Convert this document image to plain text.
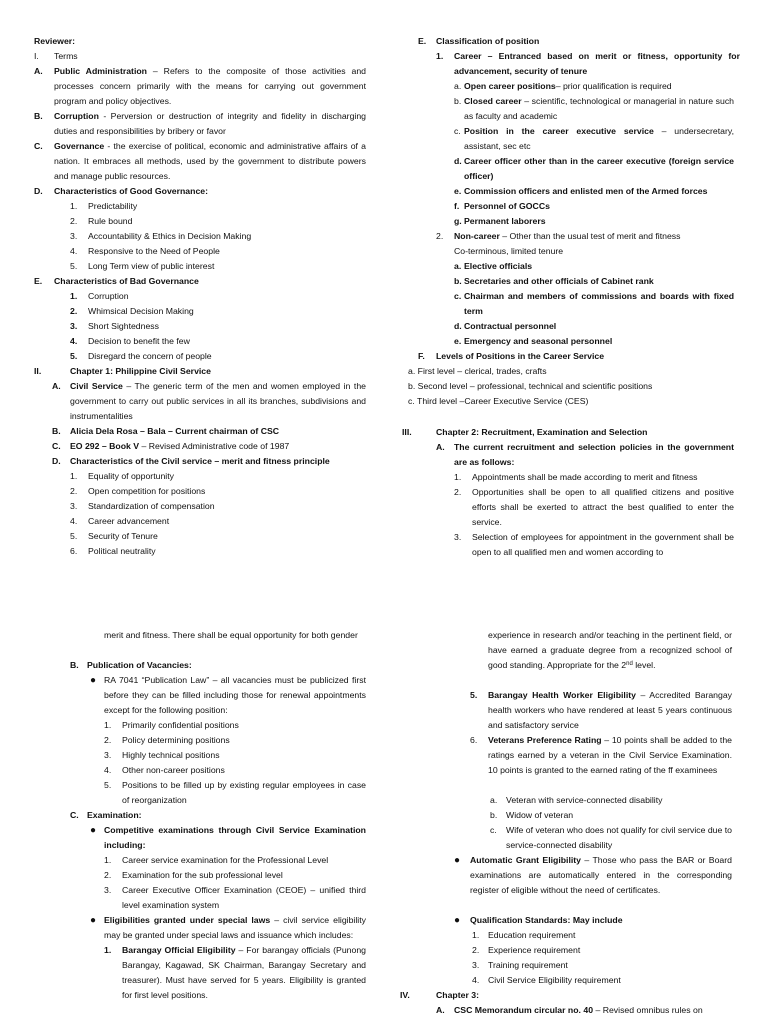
Reviewer:
I. Terms
A. Public Administration – Refers to the composite of those activities and processes concern primarily with the means for carrying out government program and policy objectives.
B. Corruption - Perversion or destruction of integrity and fidelity in discharging duties and responsibilities by bribery or favor
C. Governance - the exercise of political, economic and administrative affairs of a nation. It embraces all methods, used by the government to distribute powers and manage public resources.
D. Characteristics of Good Governance:
1. Predictability
2. Rule bound
3. Accountability & Ethics in Decision Making
4. Responsive to the Need of People
5. Long Term view of public interest
E. Characteristics of Bad Governance
1. Corruption
2. Whimsical Decision Making
3. Short Sightedness
4. Decision to benefit the few
5. Disregard the concern of people
II.	Chapter 1: Philippine Civil Service
A. Civil Service – The generic term of the men and women employed in the government to carry out public services in all its branches, subdivisions and instrumentalities
B. Alicia Dela Rosa – Bala – Current chairman of CSC
C. EO 292 – Book V – Revised Administrative code of 1987
D. Characteristics of the Civil service – merit and fitness principle
1. Equality of opportunity
2. Open competition for positions
3. Standardization of compensation
4. Career advancement
5. Security of Tenure
6. Political neutrality
E. Classification of position
1. Career – Entranced based on merit or fitness, opportunity for advancement, security of tenure
a. Open career positions– prior qualification is required
b. Closed career – scientific, technological or managerial in nature such as faculty and academic
c. Position in the career executive service – undersecretary, assistant, sec etc
d. Career officer other than in the career executive (foreign service officer)
e. Commission officers and enlisted men of the Armed forces
f. Personnel of GOCCs
g. Permanent laborers
2. Non-career – Other than the usual test of merit and fitness
Co-terminous, limited tenure
a. Elective officials
b. Secretaries and other officials of Cabinet rank
c. Chairman and members of commissions and boards with fixed term
d. Contractual personnel
e. Emergency and seasonal personnel
F. Levels of Positions in the Career Service
a. First level – clerical, trades, crafts
b. Second level – professional, technical and scientific positions
c. Third level –Career Executive Service (CES)
III.	Chapter 2: Recruitment, Examination and Selection
A. The current recruitment and selection policies in the government are as follows:
1. Appointments shall be made according to merit and fitness
2. Opportunities shall be open to all qualified citizens and positive efforts shall be exerted to attract the best qualified to enter the service.
3. Selection of employees for appointment in the government shall be open to all qualified men and women according to
merit and fitness. There shall be equal opportunity for both gender
B. Publication of Vacancies:
● RA 7041 “Publication Law” – all vacancies must be publicized first before they can be filled including those for renewal appointments except for the following position:
1. Primarily confidential positions
2. Policy determining positions
3. Highly technical positions
4. Other non-career positions
5. Positions to be filled up by existing regular employees in case of reorganization
C. Examination:
● Competitive examinations through Civil Service Examination including:
1. Career service examination for the Professional Level
2. Examination for the sub professional level
3. Career Executive Officer Examination (CEOE) – unified third level examination system
● Eligibilities granted under special laws – civil service eligibility may be granted under special laws and issuance which includes:
1. Barangay Official Eligibility – For barangay officials (Punong Barangay, Kagawad, SK Chairman, Barangay Secretary and treasurer). Must have served for 5 years. Eligibility is granted for first level positions.
experience in research and/or teaching in the pertinent field, or have earned a graduate degree from a recognized school of good standing. Appropriate for the 2nd level.
5. Barangay Health Worker Eligibility – Accredited Barangay health workers who have rendered at least 5 years continuous and satisfactory service
6. Veterans Preference Rating – 10 points shall be added to the ratings earned by a veteran in the Civil Service Examination. 10 points is granted to the earned rating of the ff examinees
a. Veteran with service-connected disability
b. Widow of veteran
c. Wife of veteran who does not qualify for civil service due to service-connected disability
● Automatic Grant Eligibility – Those who pass the BAR or Board examinations are automatically entered in the corresponding register of eligible without the need of certificates.
● Qualification Standards: May include
1. Education requirement
2. Experience requirement
3. Training requirement
4. Civil Service Eligibility requirement
IV.	Chapter 3:
A. CSC Memorandum circular no. 40 – Revised omnibus rules on
